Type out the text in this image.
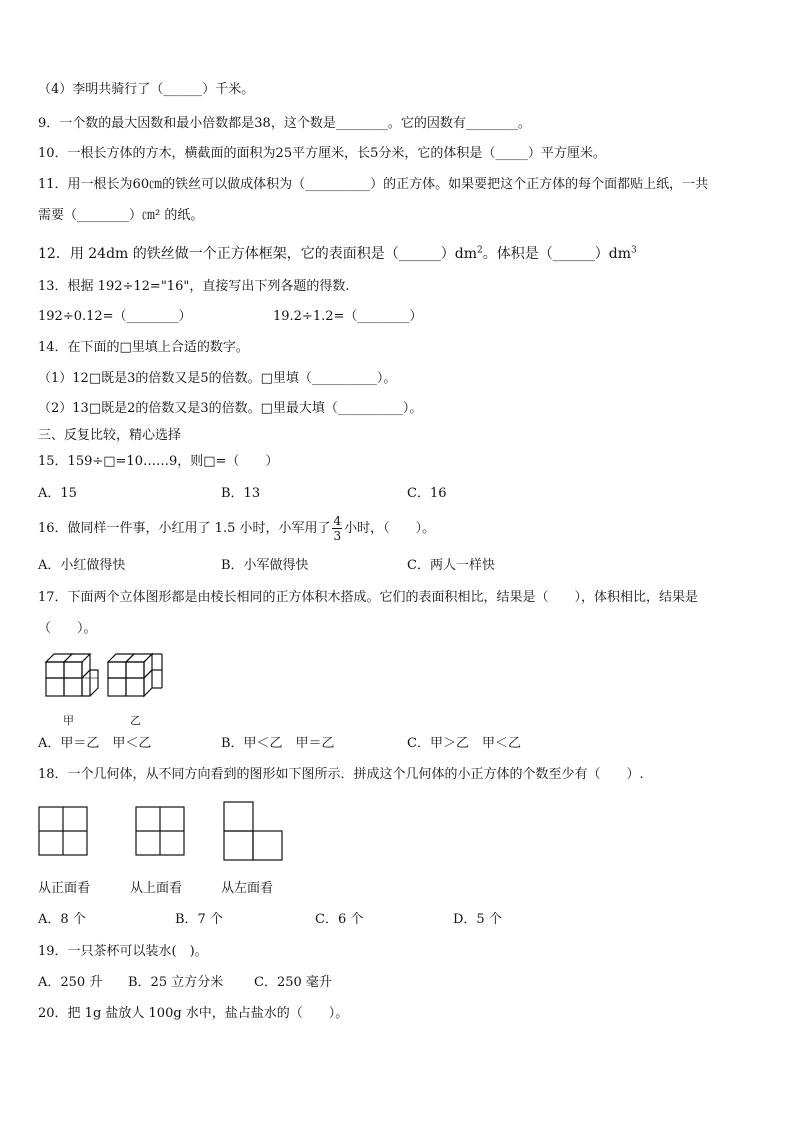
（4）李明共骑行了（______）千米。
9．一个数的最大因数和最小倍数都是38，这个数是________。它的因数有________。
10．一根长方体的方木，横截面的面积为25平方厘米，长5分米，它的体积是（_____）平方厘米。
11．用一根长为60㎝的铁丝可以做成体积为（__________）的正方体。如果要把这个正方体的每个面都贴上纸，一共
需要（________）㎝² 的纸。
12．用 24dm 的铁丝做一个正方体框架，它的表面积是$(\_\_\_\_\_\_)dm^2$。体积是$(\_\_\_\_\_\_)dm^3$
13．根据 192÷12="16"，直接写出下列各题的得数.
192÷0.12=（________）	19.2÷1.2=（________）
14．在下面的□里填上合适的数字。
（1）12□既是3的倍数又是5的倍数。□里填（__________）。
（2）13□既是2的倍数又是3的倍数。□里最大填（__________）。
三、反复比较，精心选择
15．159÷□=10……9，则□=（　　）
A．15	B．13	C．16
16．做同样一件事，小红用了 1.5 小时，小军用了 $\frac{4}{3}$ 小时，（　　）。
A．小红做得快	B．小军做得快	C．两人一样快
17．下面两个立体图形都是由棱长相同的正方体积木搭成。它们的表面积相比，结果是（　　），体积相比，结果是
（　　）。
甲	乙
A．甲＝乙　甲＜乙	B．甲＜乙　甲＝乙	C．甲＞乙　甲＜乙
18．一个几何体，从不同方向看到的图形如下图所示．拼成这个几何体的小正方体的个数至少有（　　）.
从正面看	从上面看	从左面看
A．8 个	B．7 个	C．6 个	D．5 个
19．一只茶杯可以装水(　)。
A．250 升 B．25 立方分米 C．250 毫升
20．把 1g 盐放人 100g 水中，盐占盐水的（　　）。
